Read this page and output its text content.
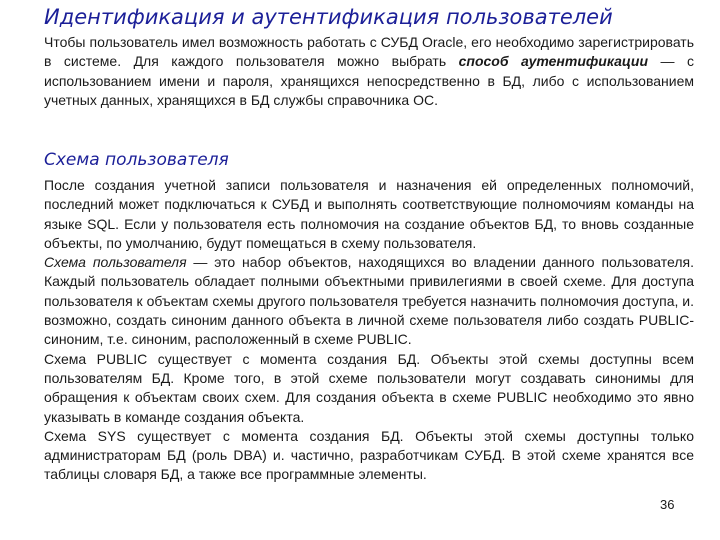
Идентификация и аутентификация пользователей

Чтобы пользователь имел возможность работать с СУБД Oracle, его необходимо зарегистрировать в системе. Для каждого пользователя можно выбрать способ аутентификации — с использованием имени и пароля, хранящихся непосредственно в БД, либо с использованием учетных данных, хранящихся в БД службы справочника ОС.

Схема пользователя

После создания учетной записи пользователя и назначения ей определенных полномочий, последний может подключаться к СУБД и выполнять соответствующие полномочиям команды на языке SQL. Если у пользователя есть полномочия на создание объектов БД, то вновь созданные объекты, по умолчанию, будут помещаться в схему пользователя.
Схема пользователя — это набор объектов, находящихся во владении данного пользователя. Каждый пользователь обладает полными объектными привилегиями в своей схеме. Для доступа пользователя к объектам схемы другого пользователя требуется назначить полномочия доступа, и. возможно, создать синоним данного объекта в личной схеме пользователя либо создать PUBLIC-синоним, т.е. синоним, расположенный в схеме PUBLIC.
Схема PUBLIC существует с момента создания БД. Объекты этой схемы доступны всем пользователям БД. Кроме того, в этой схеме пользователи могут создавать синонимы для обращения к объектам своих схем. Для создания объекта в схеме PUBLIC необходимо это явно указывать в команде создания объекта.
Схема SYS существует с момента создания БД. Объекты этой схемы доступны только администраторам БД (роль DBA) и. частично, разработчикам СУБД. В этой схеме хранятся все таблицы словаря БД, а также все программные элементы.

36
